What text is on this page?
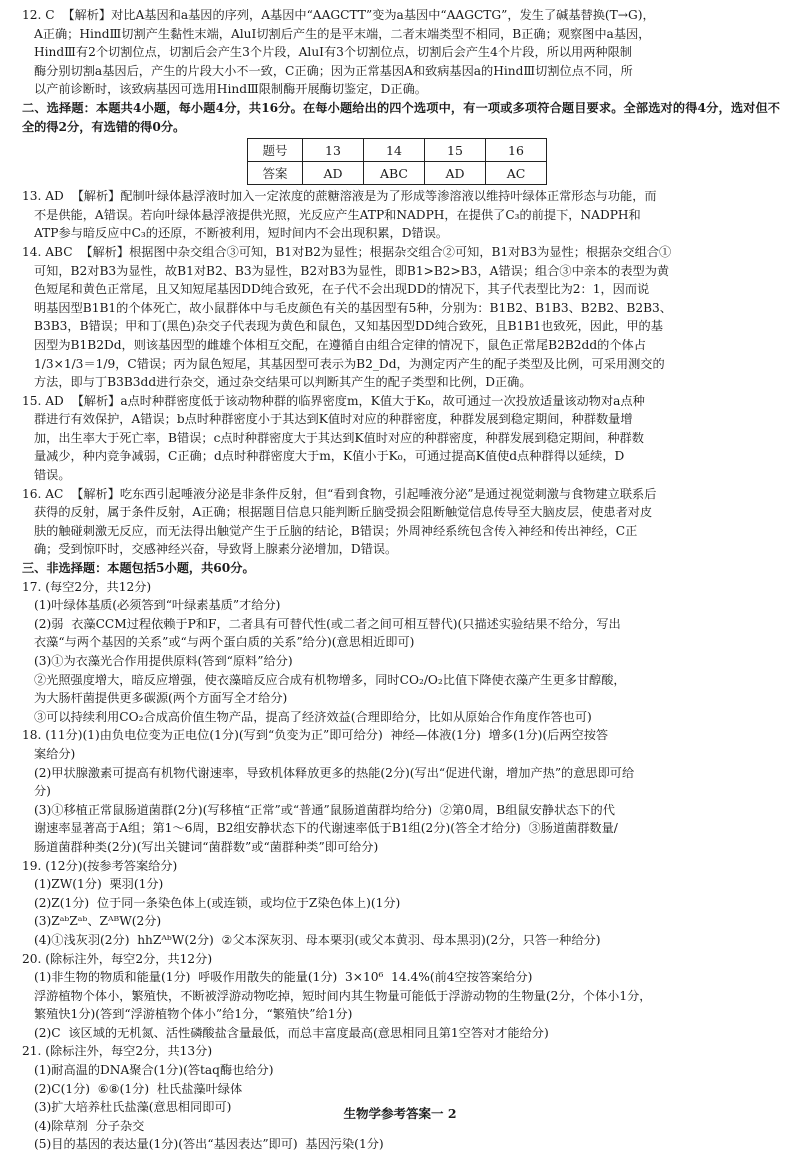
12. C  【解析】对比A基因和a基因的序列，A基因中“AAGCTT”变为a基因中“AAGCTG”，发生了碱基替换(T→G)，

A正确；HindⅢ切割产生黏性末端，AluⅠ切割后产生的是平末端，二者末端类型不相同，B正确；观察图中a基因，

HindⅢ有2个切割位点，切割后会产生3个片段，AluⅠ有3个切割位点，切割后会产生4个片段，所以用两种限制

酶分别切割a基因后，产生的片段大小不一致，C正确；因为正常基因A和致病基因a的HindⅢ切割位点不同，所

以产前诊断时，该致病基因可选用HindⅢ限制酶开展酶切鉴定，D正确。

二、选择题：本题共4小题，每小题4分，共16分。在每小题给出的四个选项中，有一项或多项符合题目要求。全部选对的得4分，选对但不全的得2分，有选错的得0分。

题号	13	14	15	16
答案	AD	ABC	AD	AC

13. AD  【解析】配制叶绿体悬浮液时加入一定浓度的蔗糖溶液是为了形成等渗溶液以维持叶绿体正常形态与功能，而

不是供能，A错误。若向叶绿体悬浮液提供光照，光反应产生ATP和NADPH，在提供了C₃的前提下，NADPH和

ATP参与暗反应中C₃的还原，不断被利用，短时间内不会出现积累，D错误。

14. ABC  【解析】根据图中杂交组合③可知，B1对B2为显性；根据杂交组合②可知，B1对B3为显性；根据杂交组合①

可知，B2对B3为显性，故B1对B2、B3为显性，B2对B3为显性，即B1>B2>B3，A错误；组合③中亲本的表型为黄

色短尾和黄色正常尾，且又知短尾基因DD纯合致死，在子代不会出现DD的情况下，其子代表型比为2：1，因而说

明基因型B1B1的个体死亡，故小鼠群体中与毛皮颜色有关的基因型有5种，分别为：B1B2、B1B3、B2B2、B2B3、

B3B3，B错误；甲和丁(黑色)杂交子代表现为黄色和鼠色，又知基因型DD纯合致死，且B1B1也致死，因此，甲的基

因型为B1B2Dd，则该基因型的雌雄个体相互交配，在遵循自由组合定律的情况下，鼠色正常尾B2B2dd的个体占

1/3×1/3＝1/9，C错误；丙为鼠色短尾，其基因型可表示为B2_Dd，为测定丙产生的配子类型及比例，可采用测交的

方法，即与丁B3B3dd进行杂交，通过杂交结果可以判断其产生的配子类型和比例，D正确。

15. AD  【解析】a点时种群密度低于该动物种群的临界密度m，K值大于K₀，故可通过一次投放适量该动物对a点种

群进行有效保护，A错误；b点时种群密度小于其达到K值时对应的种群密度，种群发展到稳定期间，种群数量增

加，出生率大于死亡率，B错误；c点时种群密度大于其达到K值时对应的种群密度，种群发展到稳定期间，种群数

量减少，种内竞争减弱，C正确；d点时种群密度大于m，K值小于K₀，可通过提高K值使d点种群得以延续，D

错误。

16. AC  【解析】吃东西引起唾液分泌是非条件反射，但“看到食物，引起唾液分泌”是通过视觉刺激与食物建立联系后

获得的反射，属于条件反射，A正确；根据题目信息只能判断丘脑受损会阻断触觉信息传导至大脑皮层，使患者对皮

肤的触碰刺激无反应，而无法得出触觉产生于丘脑的结论，B错误；外周神经系统包含传入神经和传出神经，C正

确；受到惊吓时，交感神经兴奋，导致肾上腺素分泌增加，D错误。

三、非选择题：本题包括5小题，共60分。

17. (每空2分，共12分)

(1)叶绿体基质(必须答到“叶绿素基质”才给分)

(2)弱  衣藻CCM过程依赖于P和F，二者具有可替代性(或二者之间可相互替代)(只描述实验结果不给分，写出

衣藻“与两个基因的关系”或“与两个蛋白质的关系”给分)(意思相近即可)

(3)①为衣藻光合作用提供原料(答到“原料”给分)

②光照强度增大，暗反应增强，使衣藻暗反应合成有机物增多，同时CO₂/O₂比值下降使衣藻产生更多甘醇酸，

为大肠杆菌提供更多碳源(两个方面写全才给分)

③可以持续利用CO₂合成高价值生物产品，提高了经济效益(合理即给分，比如从原始合作角度作答也可)

18. (11分)(1)由负电位变为正电位(1分)(写到“负变为正”即可给分)  神经—体液(1分)  增多(1分)(后两空按答

案给分)

(2)甲状腺激素可提高有机物代谢速率，导致机体释放更多的热能(2分)(写出“促进代谢，增加产热”的意思即可给

分)

(3)①移植正常鼠肠道菌群(2分)(写移植“正常”或“普通”鼠肠道菌群均给分)  ②第0周，B组鼠安静状态下的代

谢速率显著高于A组；第1～6周，B2组安静状态下的代谢速率低于B1组(2分)(答全才给分)  ③肠道菌群数量/

肠道菌群种类(2分)(写出关键词“菌群数”或“菌群种类”即可给分)

19. (12分)(按参考答案给分)

(1)ZW(1分)  栗羽(1分)

(2)Z(1分)  位于同一条染色体上(或连锁，或均位于Z染色体上)(1分)

(3)ZᵃᵇZᵃᵇ、ZᴬᴮW(2分)

(4)①浅灰羽(2分)  hhZᴬᵇW(2分)  ②父本深灰羽、母本栗羽(或父本黄羽、母本黑羽)(2分，只答一种给分)

20. (除标注外，每空2分，共12分)

(1)非生物的物质和能量(1分)  呼吸作用散失的能量(1分)  3×10⁶  14.4%(前4空按答案给分)

浮游植物个体小，繁殖快，不断被浮游动物吃掉，短时间内其生物量可能低于浮游动物的生物量(2分，个体小1分，

繁殖快1分)(答到“浮游植物个体小”给1分，“繁殖快”给1分)

(2)C  该区域的无机氮、活性磷酸盐含量最低，而总丰富度最高(意思相同且第1空答对才能给分)

21. (除标注外，每空2分，共13分)

(1)耐高温的DNA聚合(1分)(答taq酶也给分)

(2)C(1分)  ⑥⑧(1分)  杜氏盐藻叶绿体

(3)扩大培养杜氏盐藻(意思相同即可)

(4)除草剂  分子杂交

(5)目的基因的表达量(1分)(答出“基因表达”即可)  基因污染(1分)

生物学参考答案一 2
